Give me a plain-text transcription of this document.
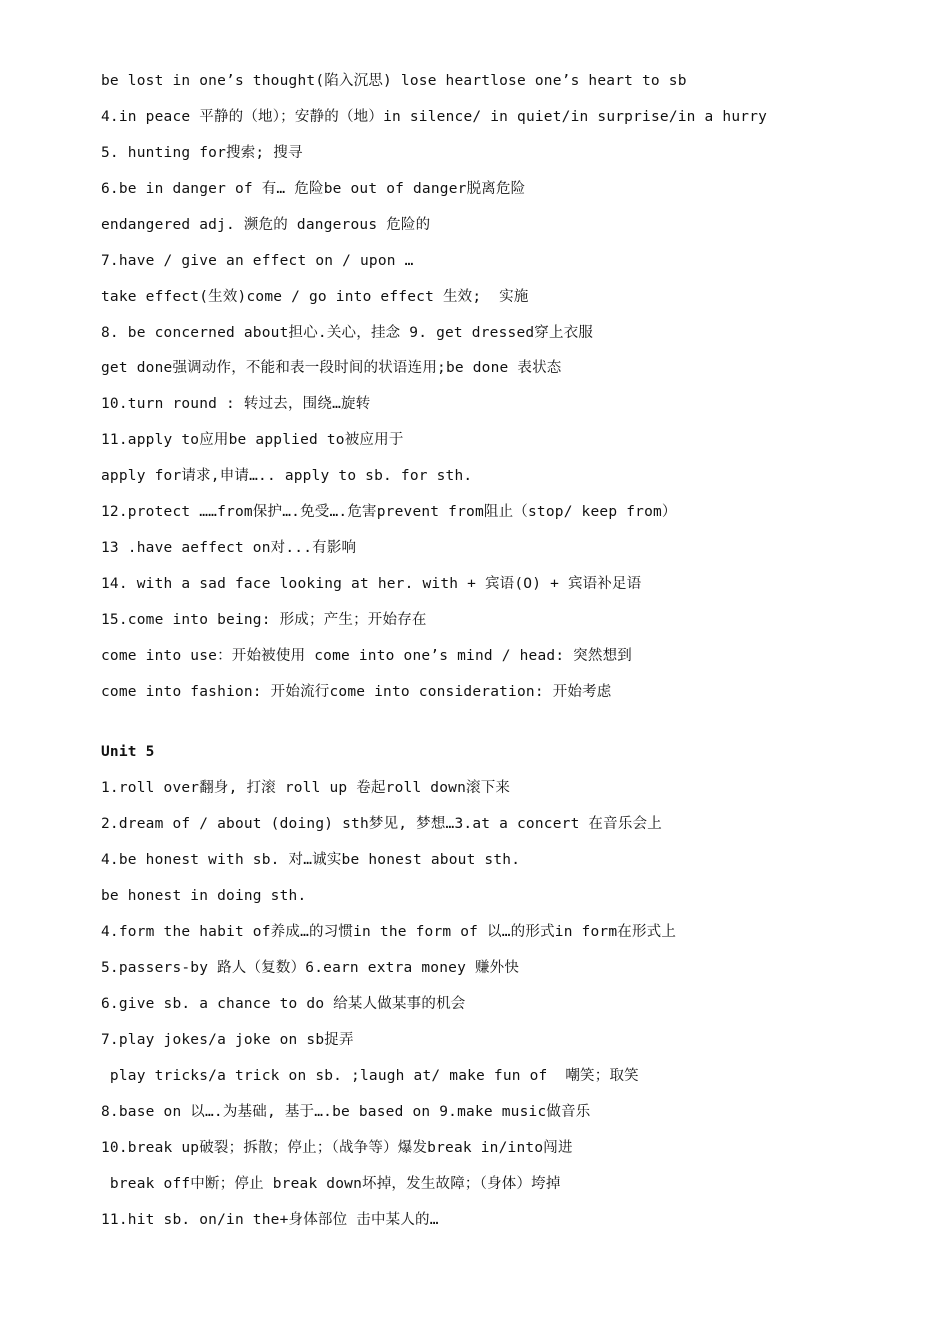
be lost in one’s thought(陷入沉思) lose heartlose one’s heart to sb
4.in peace 平静的（地）；安静的（地）in silence/ in quiet/in surprise/in a hurry
5. hunting for搜索; 搜寻
6.be in danger of 有… 危险be out of danger脱离危险
endangered adj. 濒危的 dangerous 危险的
7.have / give an effect on / upon …
take effect(生效)come / go into effect 生效;  实施
8. be concerned about担心.关心，挂念 9. get dressed穿上衣服
get done强调动作，不能和表一段时间的状语连用;be done 表状态
10.turn round : 转过去，围绕…旋转
11.apply to应用be applied to被应用于
apply for请求,申请….. apply to sb. for sth.
12.protect ……from保护….免受….危害prevent from阻止（stop/ keep from）
13 .have aeffect on对...有影响
14. with a sad face looking at her. with + 宾语(O) + 宾语补足语
15.come into being: 形成；产生；开始存在
come into use：开始被使用 come into one’s mind / head: 突然想到
come into fashion: 开始流行come into consideration: 开始考虑
Unit 5
1.roll over翻身, 打滚 roll up 卷起roll down滚下来
2.dream of / about (doing) sth梦见, 梦想…3.at a concert 在音乐会上
4.be honest with sb. 对…诚实be honest about sth.
be honest in doing sth.
4.form the habit of养成…的习惯in the form of 以…的形式in form在形式上
5.passers-by 路人（复数）6.earn extra money 赚外快
6.give sb. a chance to do 给某人做某事的机会
7.play jokes/a joke on sb捉弄
play tricks/a trick on sb. ;laugh at/ make fun of  嘲笑；取笑
8.base on 以….为基础, 基于….be based on 9.make music做音乐
10.break up破裂；拆散；停止；（战争等）爆发break in/into闯进
break off中断；停止 break down坏掉，发生故障；（身体）垮掉
11.hit sb. on/in the+身体部位 击中某人的…
